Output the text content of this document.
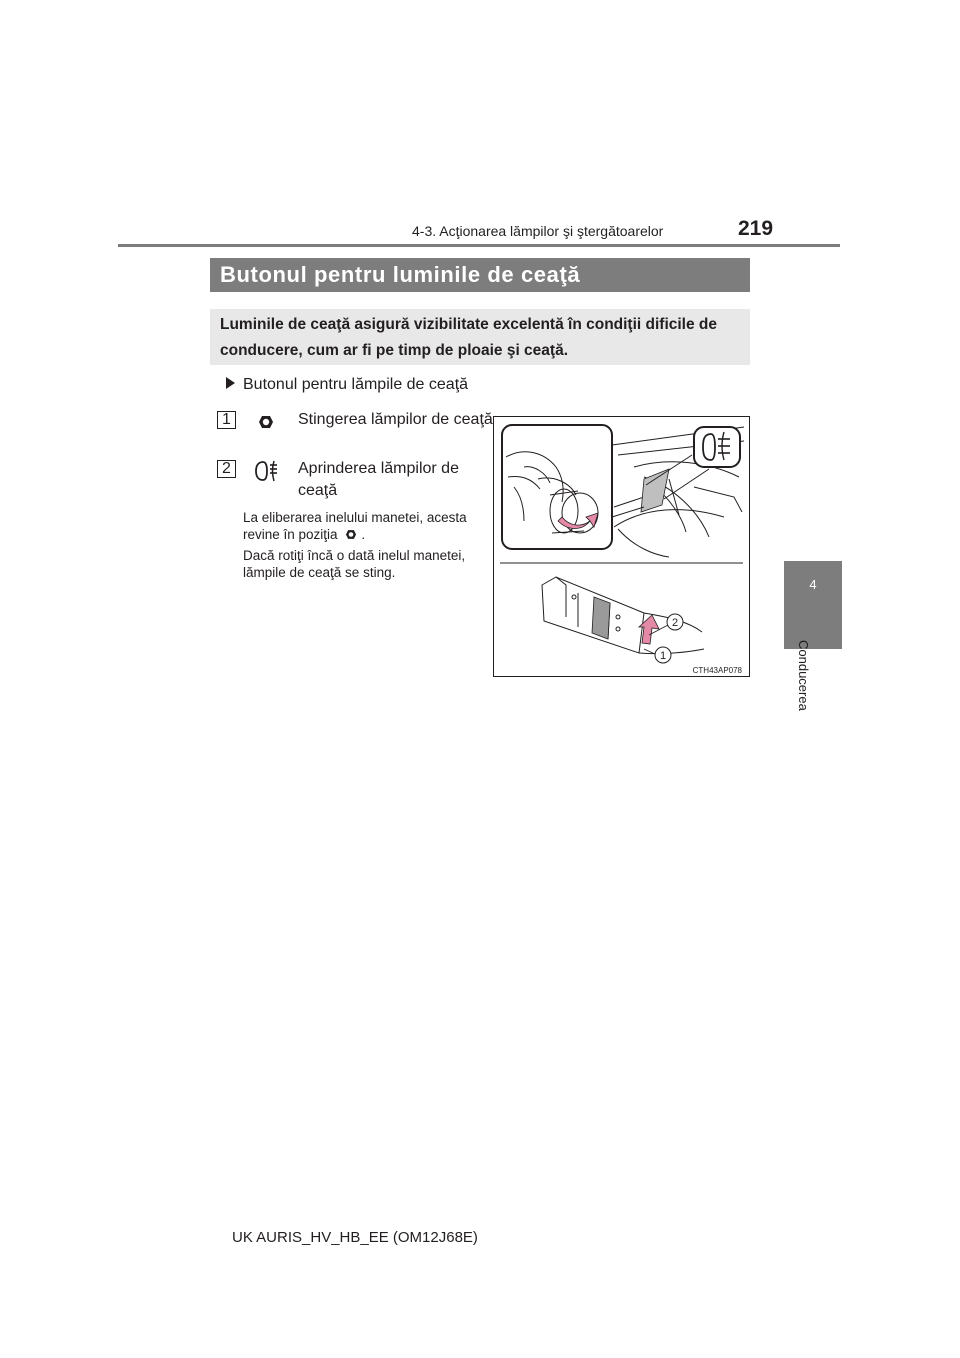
4-3. Acţionarea lămpilor şi ştergătoarelor	219
4
Conducerea
Butonul pentru luminile de ceaţă
Luminile de ceaţă asigură vizibilitate excelentă în condiţii dificile de conducere, cum ar fi pe timp de ploaie şi ceaţă.
Butonul pentru lămpile de ceaţă
1	Stingerea lămpilor de ceaţă
2	Aprinderea lămpilor de ceaţă
La eliberarea inelului manetei, acesta revine în poziţia .
Dacă rotiţi încă o dată inelul manetei, lămpile de ceaţă se sting.
2
1
CTH43AP078
UK AURIS_HV_HB_EE (OM12J68E)
